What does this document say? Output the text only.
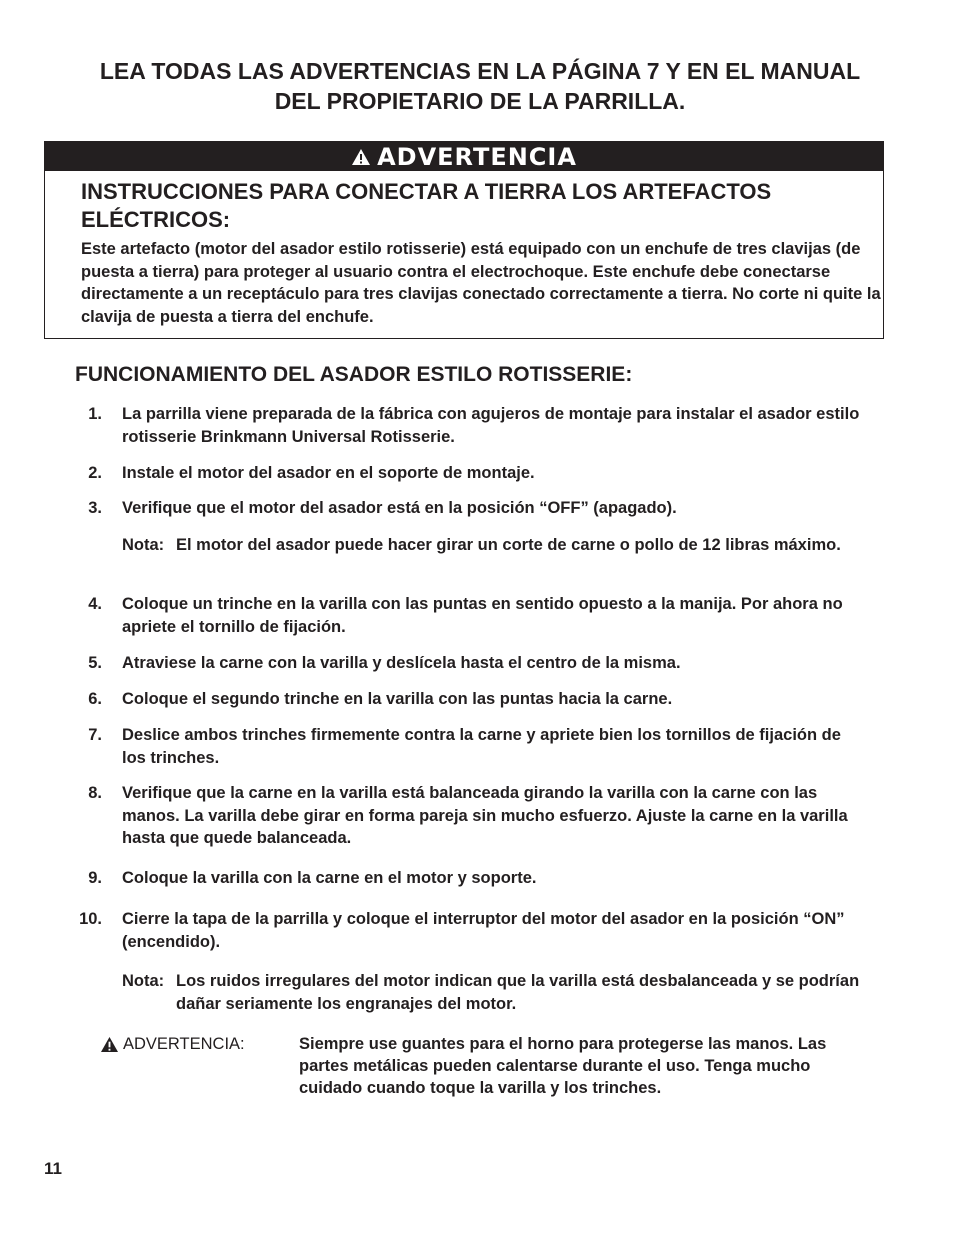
LEA TODAS LAS ADVERTENCIAS EN LA PÁGINA 7 Y EN EL MANUAL
DEL PROPIETARIO DE LA PARRILLA.
ADVERTENCIA
INSTRUCCIONES PARA CONECTAR A TIERRA LOS ARTEFACTOS ELÉCTRICOS:
Este artefacto (motor del asador estilo rotisserie) está equipado con un enchufe de tres clavijas (de puesta a tierra) para proteger al usuario contra el electrochoque. Este enchufe debe conectarse directamente a un receptáculo para tres clavijas conectado correctamente a tierra. No corte ni quite la clavija de puesta a tierra del enchufe.
FUNCIONAMIENTO DEL ASADOR ESTILO ROTISSERIE:
1. La parrilla viene preparada de la fábrica con agujeros de montaje para instalar el asador estilo rotisserie Brinkmann Universal Rotisserie.
2. Instale el motor del asador en el soporte de montaje.
3. Verifique que el motor del asador está en la posición “OFF” (apagado).
Nota: El motor del asador puede hacer girar un corte de carne o pollo de 12 libras máximo.
4. Coloque un trinche en la varilla con las puntas en sentido opuesto a la manija. Por ahora no apriete el tornillo de fijación.
5. Atraviese la carne con la varilla y deslícela hasta el centro de la misma.
6. Coloque el segundo trinche en la varilla con las puntas hacia la carne.
7. Deslice ambos trinches firmemente contra la carne y apriete bien los tornillos de fijación de los trinches.
8. Verifique que la carne en la varilla está balanceada girando la varilla con la carne con las manos. La varilla debe girar en forma pareja sin mucho esfuerzo. Ajuste la carne en la varilla hasta que quede balanceada.
9. Coloque la varilla con la carne en el motor y soporte.
10. Cierre la tapa de la parrilla y coloque el interruptor del motor del asador en la posición “ON” (encendido).
Nota: Los ruidos irregulares del motor indican que la varilla está desbalanceada y se podrían dañar seriamente los engranajes del motor.
ADVERTENCIA:	Siempre use guantes para el horno para protegerse las manos. Las partes metálicas pueden calentarse durante el uso. Tenga mucho cuidado cuando toque la varilla y los trinches.
11
